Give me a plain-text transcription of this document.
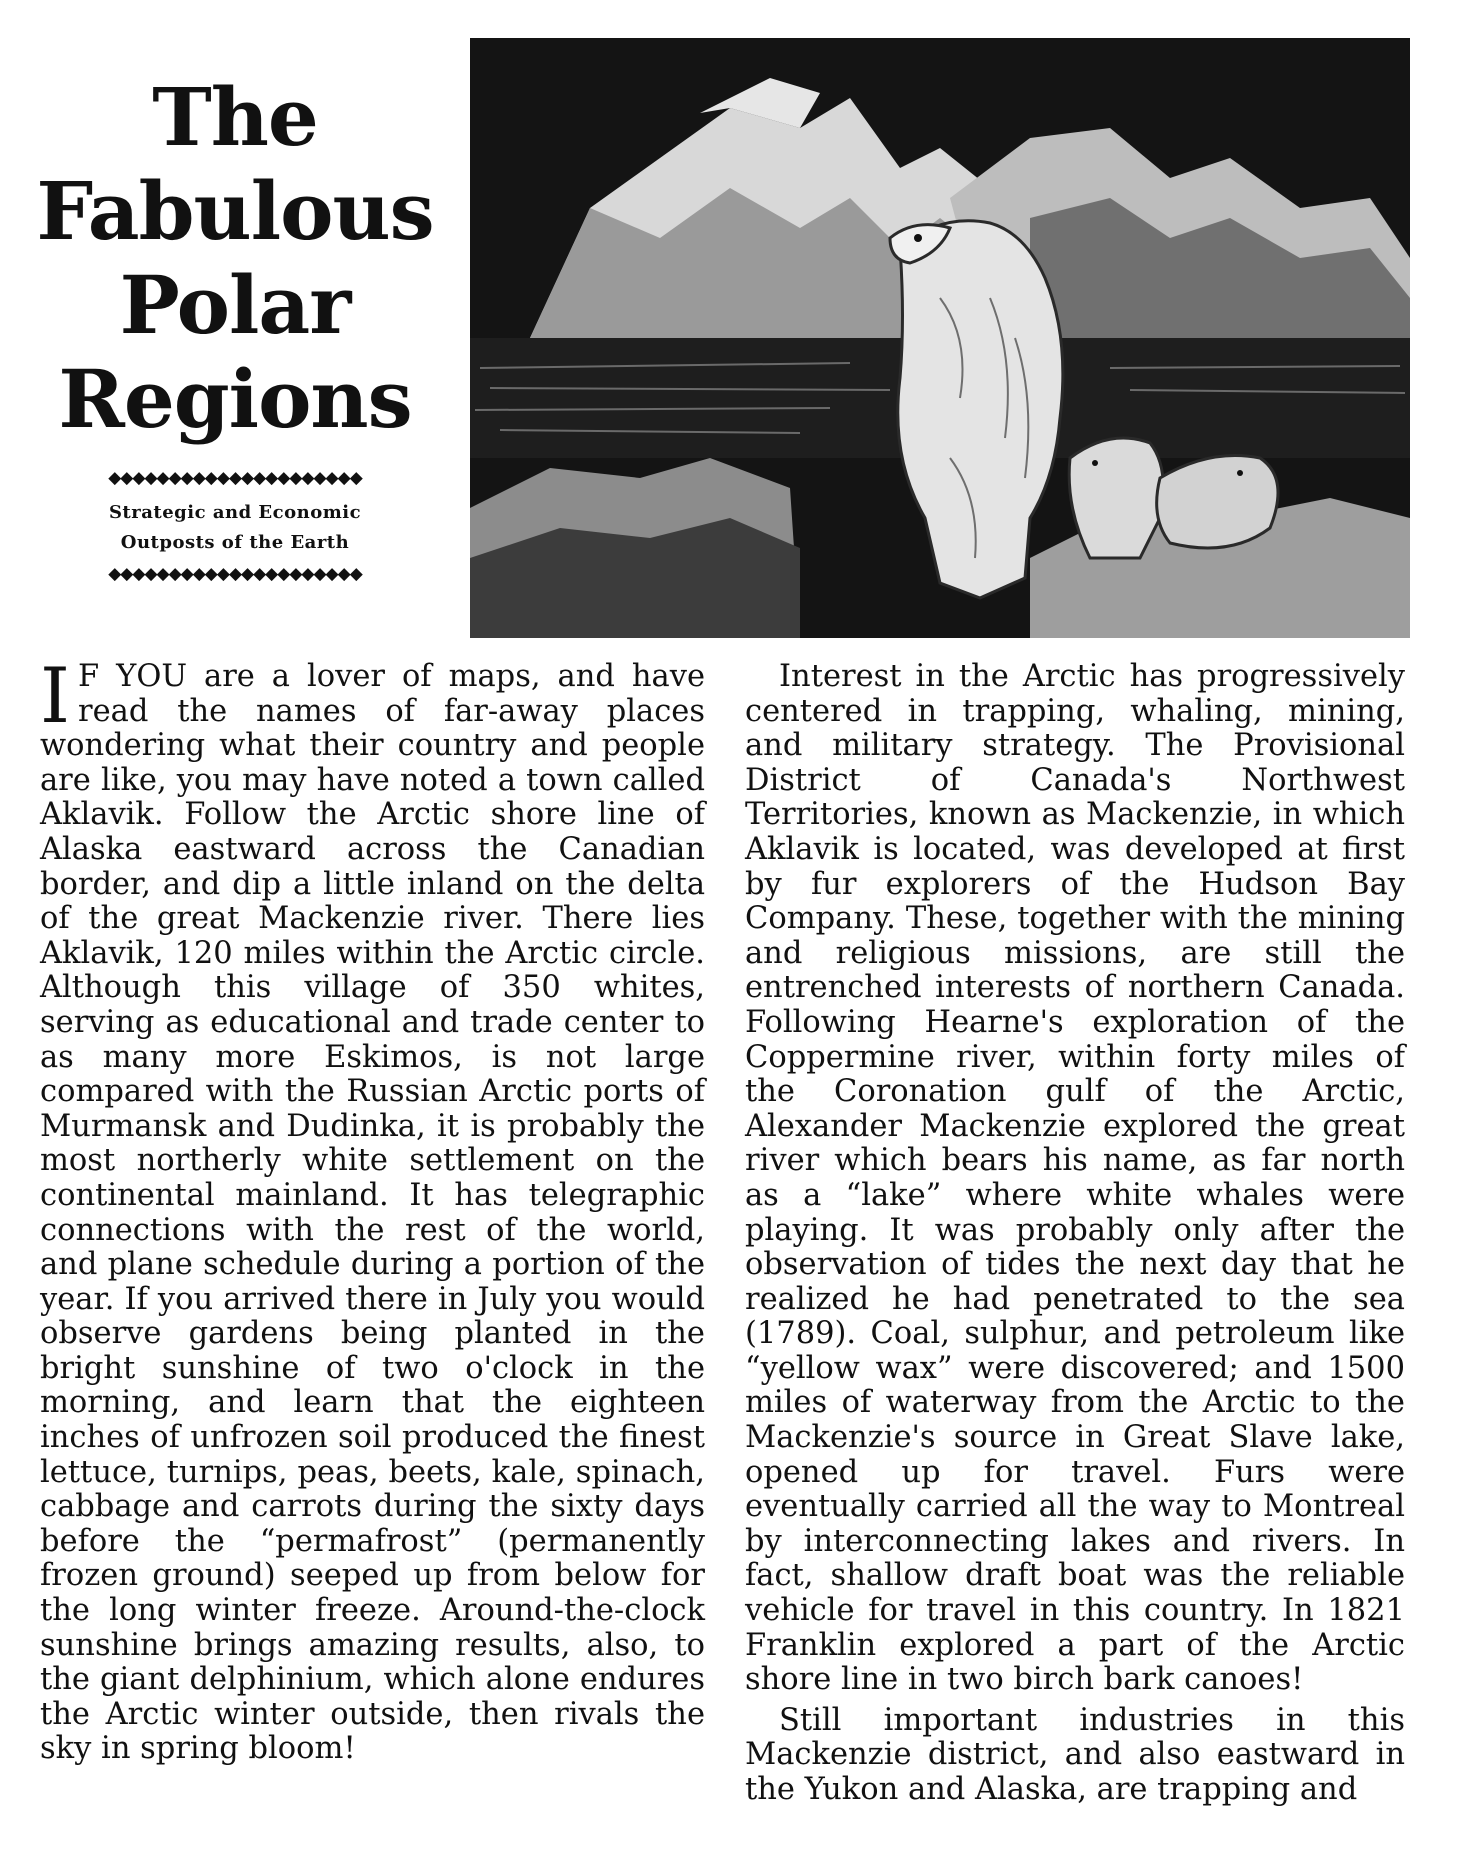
The
Fabulous
Polar
Regions
◆◆◆◆◆◆◆◆◆◆◆◆◆◆◆◆◆◆◆◆◆
Strategic and Economic
Outposts of the Earth
◆◆◆◆◆◆◆◆◆◆◆◆◆◆◆◆◆◆◆◆◆

I F YOU are a lover of maps, and have read the names of far-away places wondering what their country and people are like, you may have noted a town called Aklavik. Follow the Arctic shore line of Alaska eastward across the Canadian border, and dip a little inland on the delta of the great Mackenzie river. There lies Aklavik, 120 miles within the Arctic circle. Although this village of 350 whites, serving as educational and trade center to as many more Eskimos, is not large compared with the Russian Arctic ports of Murmansk and Dudinka, it is probably the most northerly white settlement on the continental mainland. It has telegraphic connections with the rest of the world, and plane schedule during a portion of the year. If you arrived there in July you would observe gardens being planted in the bright sunshine of two o'clock in the morning, and learn that the eighteen inches of unfrozen soil produced the finest lettuce, turnips, peas, beets, kale, spinach, cabbage and carrots during the sixty days before the “permafrost” (permanently frozen ground) seeped up from below for the long winter freeze. Around-the-clock sunshine brings amazing results, also, to the giant delphinium, which alone endures the Arctic winter outside, then rivals the sky in spring bloom!

Interest in the Arctic has progressively centered in trapping, whaling, mining, and military strategy. The Provisional District of Canada's Northwest Territories, known as Mackenzie, in which Aklavik is located, was developed at first by fur explorers of the Hudson Bay Company. These, together with the mining and religious missions, are still the entrenched interests of northern Canada. Following Hearne's exploration of the Coppermine river, within forty miles of the Coronation gulf of the Arctic, Alexander Mackenzie explored the great river which bears his name, as far north as a “lake” where white whales were playing. It was probably only after the observation of tides the next day that he realized he had penetrated to the sea (1789). Coal, sulphur, and petroleum like “yellow wax” were discovered; and 1500 miles of waterway from the Arctic to the Mackenzie's source in Great Slave lake, opened up for travel. Furs were eventually carried all the way to Montreal by interconnecting lakes and rivers. In fact, shallow draft boat was the reliable vehicle for travel in this country. In 1821 Franklin explored a part of the Arctic shore line in two birch bark canoes!

Still important industries in this Mackenzie district, and also eastward in the Yukon and Alaska, are trapping and
